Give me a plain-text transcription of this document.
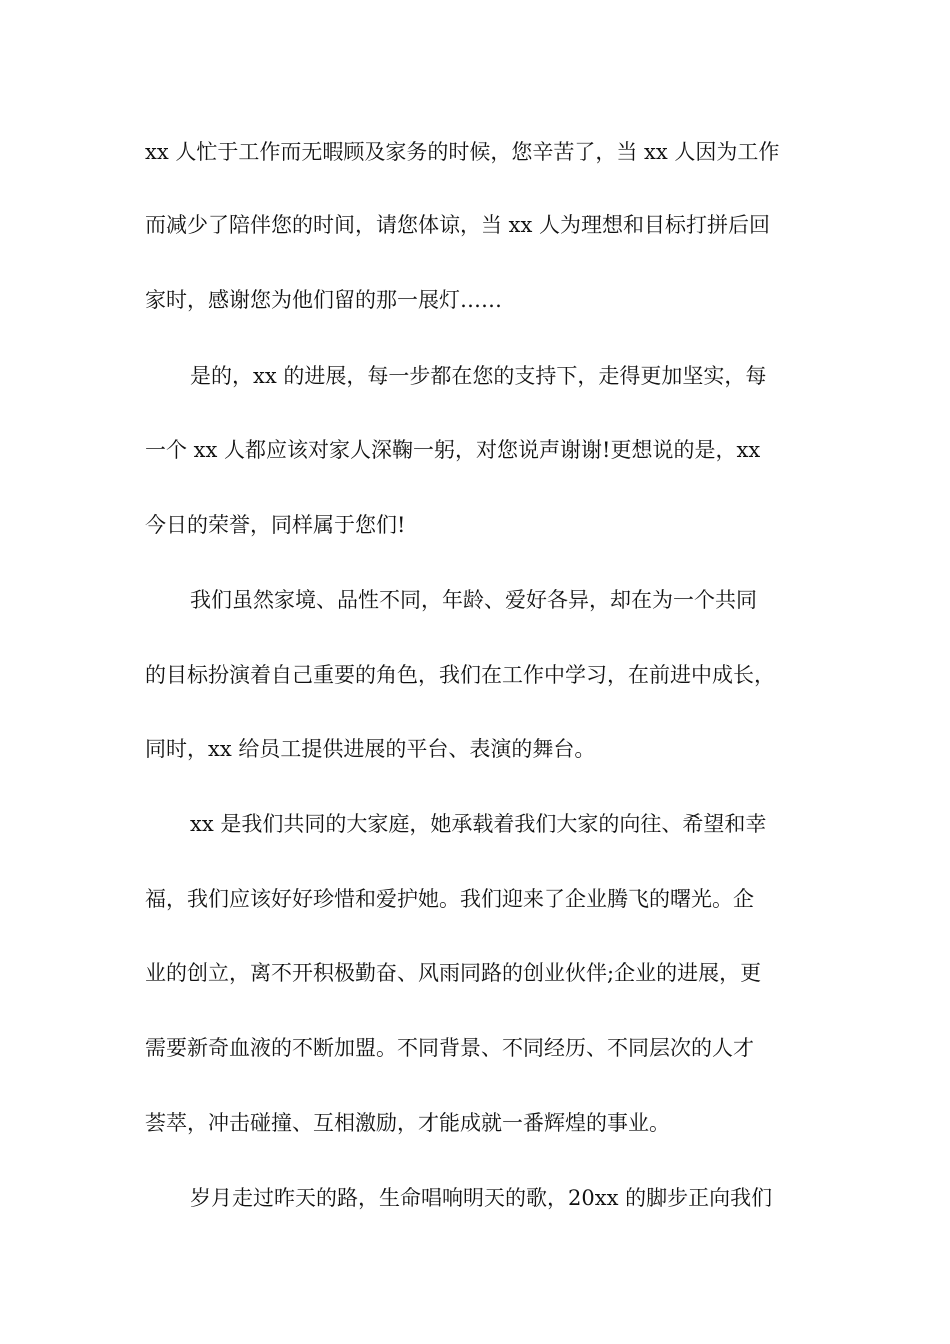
xx 人忙于工作而无暇顾及家务的时候，您辛苦了，当 xx 人因为工作
而减少了陪伴您的时间，请您体谅，当 xx 人为理想和目标打拼后回
家时，感谢您为他们留的那一展灯……
是的，xx 的进展，每一步都在您的支持下，走得更加坚实，每
一个 xx 人都应该对家人深鞠一躬，对您说声谢谢!更想说的是，xx
今日的荣誉，同样属于您们!
我们虽然家境、品性不同，年龄、爱好各异，却在为一个共同
的目标扮演着自己重要的角色，我们在工作中学习，在前进中成长，
同时，xx 给员工提供进展的平台、表演的舞台。
xx 是我们共同的大家庭，她承载着我们大家的向往、希望和幸
福，我们应该好好珍惜和爱护她。我们迎来了企业腾飞的曙光。企
业的创立，离不开积极勤奋、风雨同路的创业伙伴;企业的进展，更
需要新奇血液的不断加盟。不同背景、不同经历、不同层次的人才
荟萃，冲击碰撞、互相激励，才能成就一番辉煌的事业。
岁月走过昨天的路，生命唱响明天的歌，20xx 的脚步正向我们
